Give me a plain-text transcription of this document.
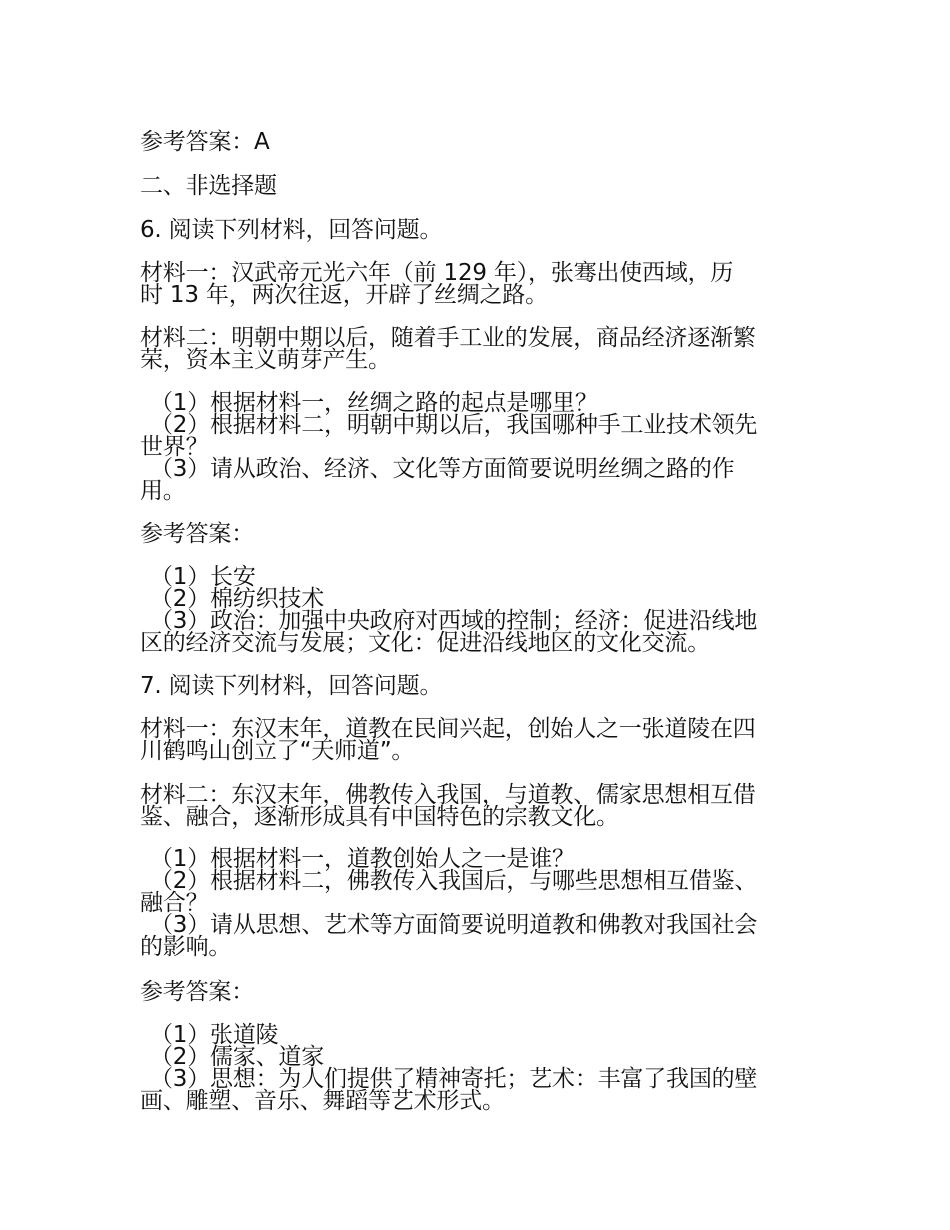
参考答案：A
二、非选择题
6. 阅读下列材料，回答问题。
材料一：汉武帝元光六年（前 129 年），张骞出使西域，历
时 13 年，两次往返，开辟了丝绸之路。
材料二：明朝中期以后，随着手工业的发展，商品经济逐渐繁
荣，资本主义萌芽产生。
（1）根据材料一，丝绸之路的起点是哪里？
（2）根据材料二，明朝中期以后，我国哪种手工业技术领先
世界？
（3）请从政治、经济、文化等方面简要说明丝绸之路的作
用。
参考答案：
（1）长安
（2）棉纺织技术
（3）政治：加强中央政府对西域的控制；经济：促进沿线地
区的经济交流与发展；文化：促进沿线地区的文化交流。
7. 阅读下列材料，回答问题。
材料一：东汉末年，道教在民间兴起，创始人之一张道陵在四
川鹤鸣山创立了“天师道”。
材料二：东汉末年，佛教传入我国，与道教、儒家思想相互借
鉴、融合，逐渐形成具有中国特色的宗教文化。
（1）根据材料一，道教创始人之一是谁？
（2）根据材料二，佛教传入我国后，与哪些思想相互借鉴、
融合？
（3）请从思想、艺术等方面简要说明道教和佛教对我国社会
的影响。
参考答案：
（1）张道陵
（2）儒家、道家
（3）思想：为人们提供了精神寄托；艺术：丰富了我国的壁
画、雕塑、音乐、舞蹈等艺术形式。
